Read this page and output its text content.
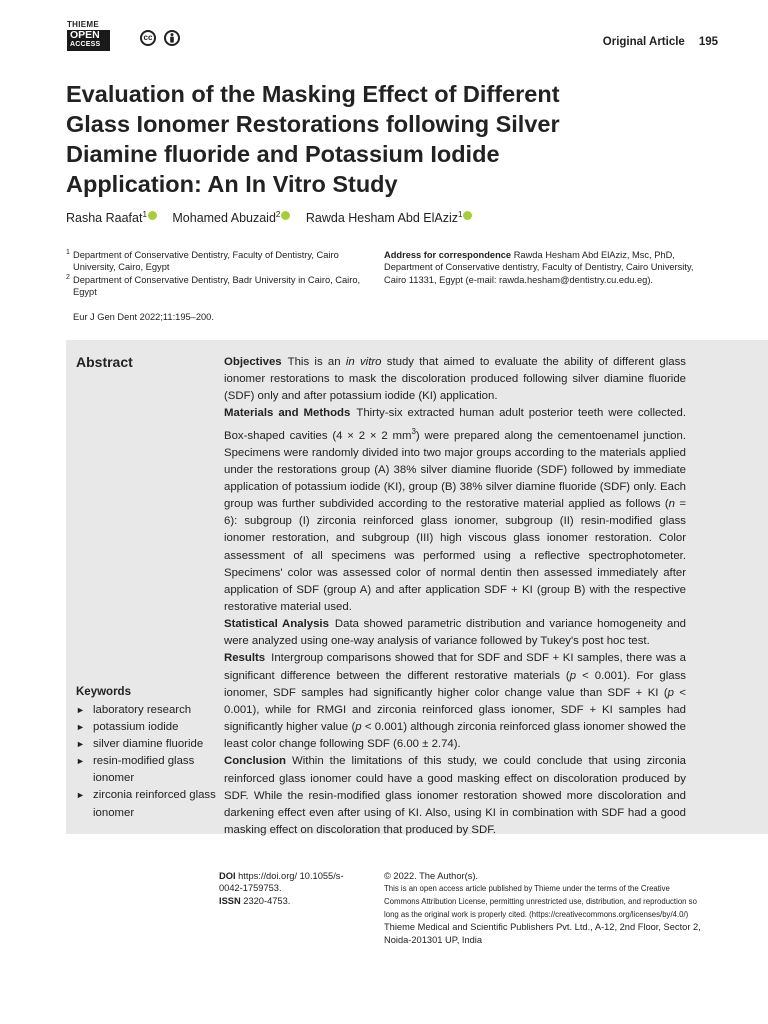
THIEME
OPEN
ACCESS
cc	Original Article 195
Evaluation of the Masking Effect of Different Glass Ionomer Restorations following Silver Diamine fluoride and Potassium Iodide Application: An In Vitro Study
Rasha Raafat$^1$ Mohamed Abuzaid$^2$ Rawda Hesham Abd ElAziz$^1$
1 Department of Conservative Dentistry, Faculty of Dentistry, Cairo University, Cairo, Egypt
2 Department of Conservative Dentistry, Badr University in Cairo, Cairo, Egypt
Address for correspondence Rawda Hesham Abd ElAziz, Msc, PhD, Department of Conservative dentistry, Faculty of Dentistry, Cairo University, Cairo 11331, Egypt (e-mail: rawda.hesham@dentistry.cu.edu.eg).
Eur J Gen Dent 2022;11:195–200.
Abstract	Objectives This is an in vitro study that aimed to evaluate the ability of different glass ionomer restorations to mask the discoloration produced following silver diamine fluoride (SDF) only and after potassium iodide (KI) application.
Materials and Methods Thirty-six extracted human adult posterior teeth were collected. Box-shaped cavities (4 × 2 × 2 $mm^3$) were prepared along the cementoenamel junction. Specimens were randomly divided into two major groups according to the materials applied under the restorations group (A) 38% silver diamine fluoride (SDF) followed by immediate application of potassium iodide (KI), group (B) 38% silver diamine fluoride (SDF) only. Each group was further subdivided according to the restorative material applied as follows (n = 6): subgroup (I) zirconia reinforced glass ionomer, subgroup (II) resin-modified glass ionomer restoration, and subgroup (III) high viscous glass ionomer restoration. Color assessment of all specimens was performed using a reflective spectrophotometer. Specimens' color was assessed color of normal dentin then assessed immediately after application of SDF (group A) and after application SDF + KI (group B) with the respective restorative material used.
Statistical Analysis Data showed parametric distribution and variance homogeneity and were analyzed using one-way analysis of variance followed by Tukey's post hoc test.
Results Intergroup comparisons showed that for SDF and SDF + KI samples, there was a significant difference between the different restorative materials (p < 0.001). For glass ionomer, SDF samples had significantly higher color change value than SDF + KI (p < 0.001), while for RMGI and zirconia reinforced glass ionomer, SDF + KI samples had significantly higher value (p < 0.001) although zirconia reinforced glass ionomer showed the least color change following SDF (6.00 ± 2.74).
Conclusion Within the limitations of this study, we could conclude that using zirconia reinforced glass ionomer could have a good masking effect on discoloration produced by SDF. While the resin-modified glass ionomer restoration showed more discoloration and darkening effect even after using of KI. Also, using KI in combination with SDF had a good masking effect on discoloration that produced by SDF.
Keywords
► laboratory research
► potassium iodide
► silver diamine fluoride
► resin-modified glass ionomer
► zirconia reinforced glass ionomer
DOI https://doi.org/ 10.1055/s-0042-1759753.
ISSN 2320-4753.
© 2022. The Author(s).
This is an open access article published by Thieme under the terms of the Creative Commons Attribution License, permitting unrestricted use, distribution, and reproduction so long as the original work is properly cited. (https://creativecommons.org/licenses/by/4.0/)
Thieme Medical and Scientific Publishers Pvt. Ltd., A-12, 2nd Floor, Sector 2, Noida-201301 UP, India
